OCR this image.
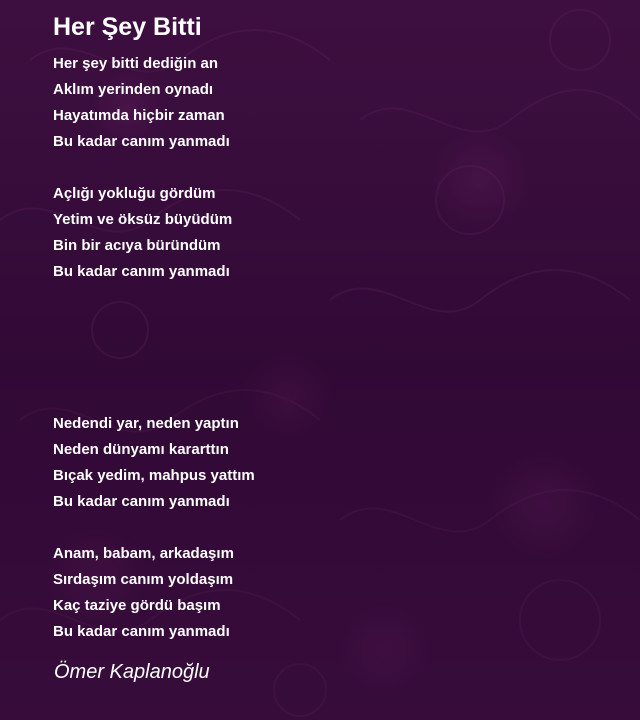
Her Şey Bitti

Her şey bitti dediğin an
Aklım yerinden oynadı
Hayatımda hiçbir zaman
Bu kadar canım yanmadı

Açlığı yokluğu gördüm
Yetim ve öksüz büyüdüm
Bin bir acıya büründüm
Bu kadar canım yanmadı

Nedendi yar, neden yaptın
Neden dünyamı kararttın
Bıçak yedim, mahpus yattım
Bu kadar canım yanmadı

Anam, babam, arkadaşım
Sırdaşım canım yoldaşım
Kaç taziye gördü başım
Bu kadar canım yanmadı

Ömer Kaplanoğlu
